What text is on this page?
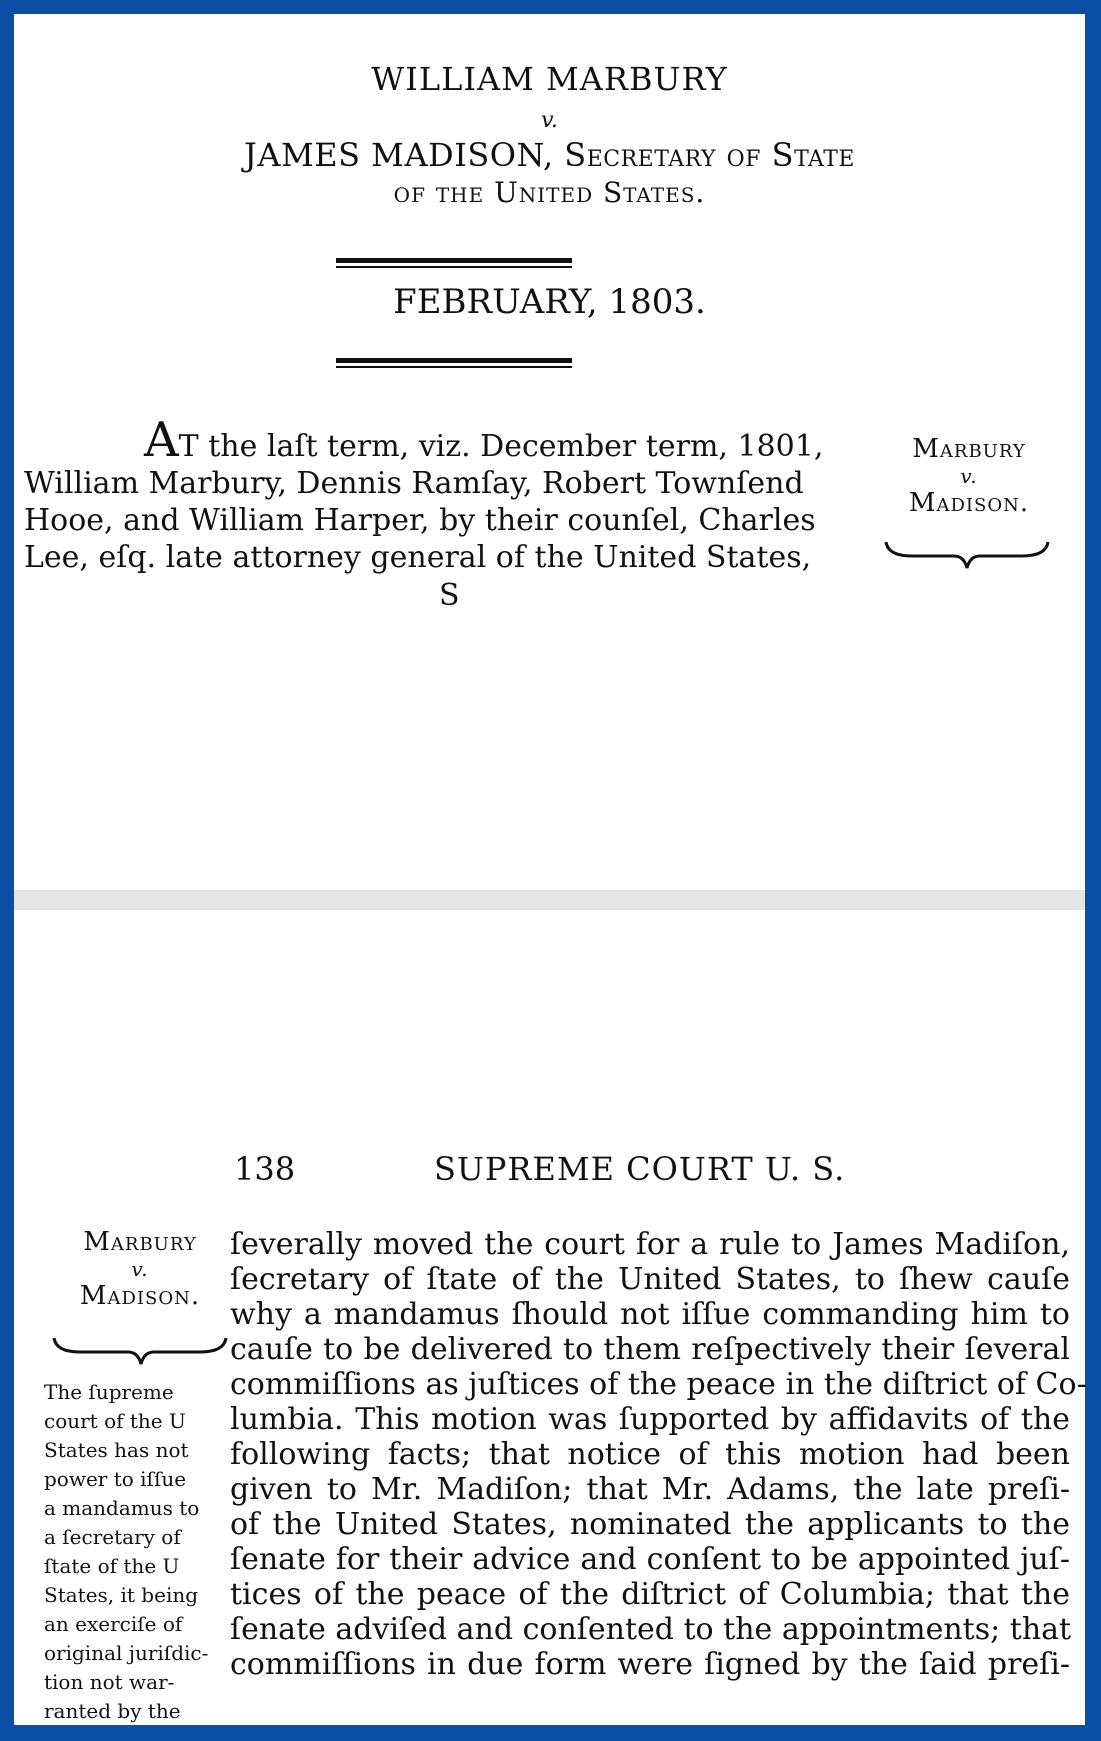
WILLIAM MARBURY
v.
JAMES MADISON, Secretary of State
of the United States.
FEBRUARY, 1803.
AT the laſt term, viz. December term, 1801,
William Marbury, Dennis Ramſay, Robert Townſend
Hooe, and William Harper, by their counſel, Charles
Lee, eſq. late attorney general of the United States,
S
Marbury
v.
Madison.
138	SUPREME COURT U. S.
Marbury
v.
Madison.
The ſupreme
court of the U
States has not
power to iſſue
a mandamus to
a ſecretary of
ſtate of the U
States, it being
an exerciſe of
original juriſdic-
tion not war-
ranted by the
ſeverally moved the court for a rule to James Madiſon,
ſecretary of ſtate of the United States, to ſhew cauſe
why a mandamus ſhould not iſſue commanding him to
cauſe to be delivered to them reſpectively their ſeveral
commiſſions as juſtices of the peace in the diſtrict of Co-
lumbia. This motion was ſupported by affidavits of the
following facts; that notice of this motion had been
given to Mr. Madiſon; that Mr. Adams, the late preſi-
of the United States, nominated the applicants to the
ſenate for their advice and conſent to be appointed juſ-
tices of the peace of the diſtrict of Columbia; that the
ſenate adviſed and conſented to the appointments; that
commiſſions in due form were ſigned by the ſaid preſi-
